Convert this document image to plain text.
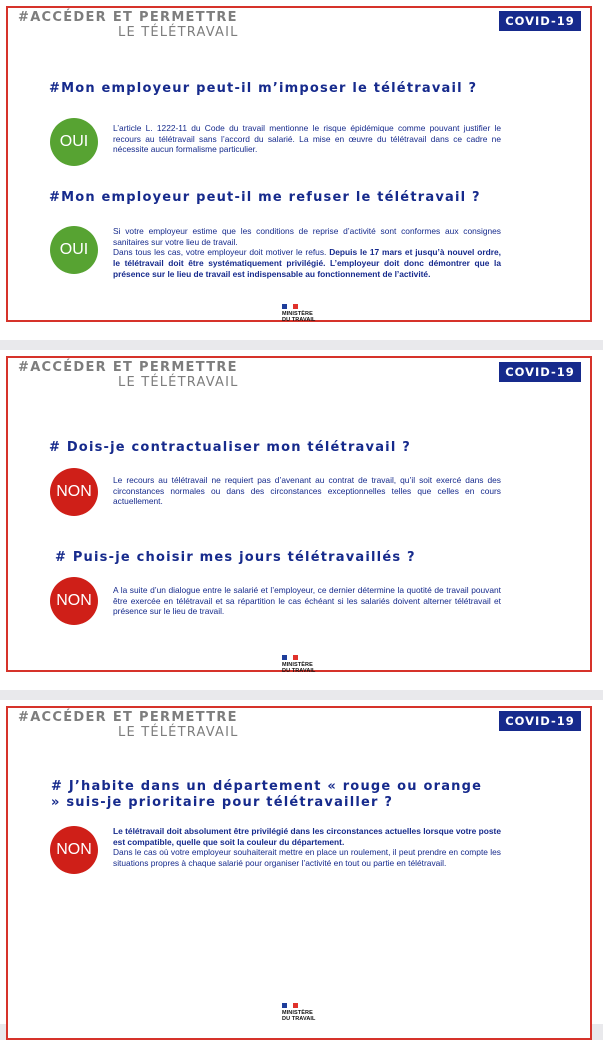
#ACCÉDER ET PERMETTRE
LE TÉLÉTRAVAIL
COVID-19
#Mon employeur peut-il m’imposer le télétravail ?
OUI
L’article L. 1222-11 du Code du travail mentionne le risque épidémique comme pouvant justifier le recours au télétravail sans l’accord du salarié. La mise en œuvre du télétravail dans ce cadre ne nécessite aucun formalisme particulier.
#Mon employeur peut-il me refuser le télétravail ?
OUI
Si votre employeur estime que les conditions de reprise d’activité sont conformes aux consignes sanitaires sur votre lieu de travail.
Dans tous les cas, votre employeur doit motiver le refus. Depuis le 17 mars et jusqu’à nouvel ordre, le télétravail doit être systématiquement privilégié. L’employeur doit donc démontrer que la présence sur le lieu de travail est indispensable au fonctionnement de l’activité.
MINISTÈRE
DU TRAVAIL
#ACCÉDER ET PERMETTRE
LE TÉLÉTRAVAIL
COVID-19
# Dois-je contractualiser mon télétravail ?
NON
Le recours au télétravail ne requiert pas d’avenant au contrat de travail, qu’il soit exercé dans des circonstances normales ou dans des circonstances exceptionnelles telles que celles en cours actuellement.
# Puis-je choisir mes jours télétravaillés ?
NON
A la suite d’un dialogue entre le salarié et l’employeur, ce dernier détermine la quotité de travail pouvant être exercée en télétravail et sa répartition le cas échéant si les salariés doivent alterner télétravail et présence sur le lieu de travail.
MINISTÈRE
DU TRAVAIL
#ACCÉDER ET PERMETTRE
LE TÉLÉTRAVAIL
COVID-19
# J’habite dans un département « rouge ou orange » suis-je prioritaire pour télétravailler ?
NON
Le télétravail doit absolument être privilégié dans les circonstances actuelles lorsque votre poste est compatible, quelle que soit la couleur du département.
Dans le cas où votre employeur souhaiterait mettre en place un roulement, il peut prendre en compte les situations propres à chaque salarié pour organiser l’activité en tout ou partie en télétravail.
MINISTÈRE
DU TRAVAIL
